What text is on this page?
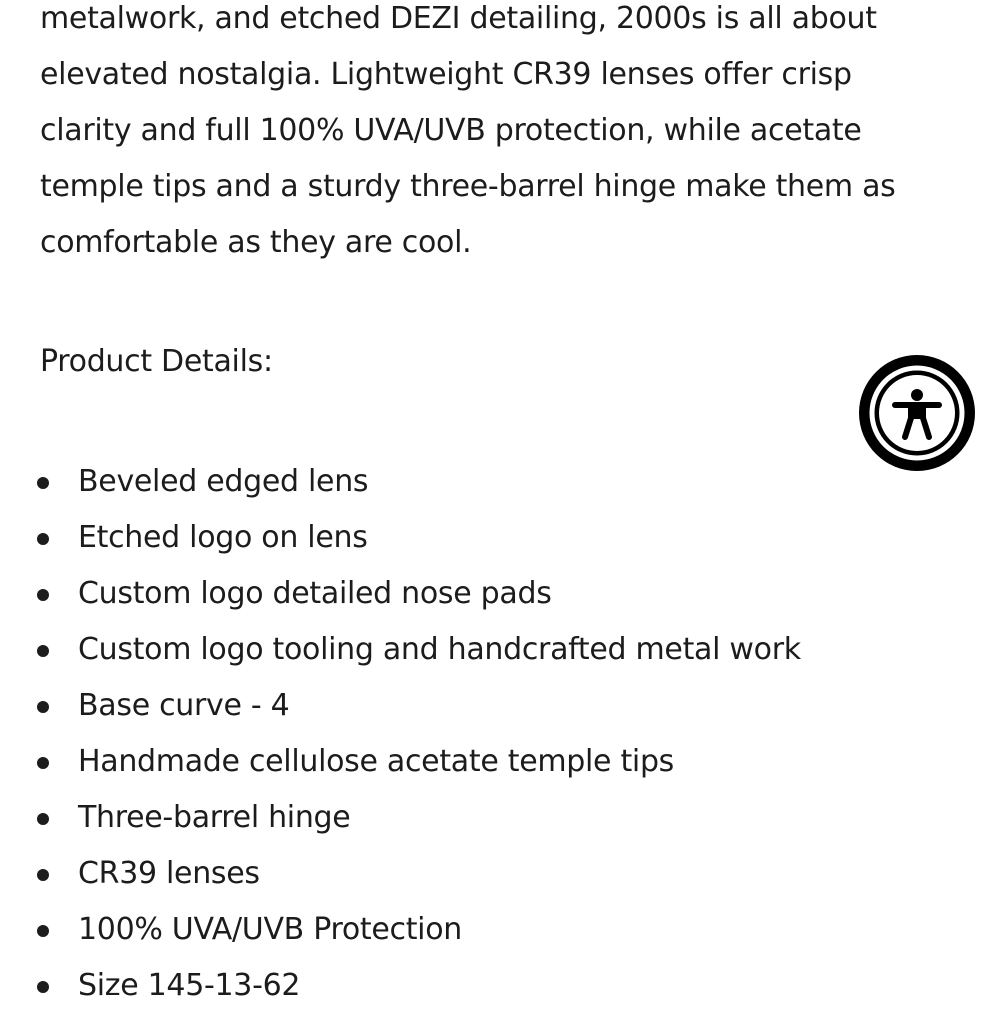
metalwork, and etched DEZI detailing, 2000s is all about
elevated nostalgia. Lightweight CR39 lenses offer crisp
clarity and full 100% UVA/UVB protection, while acetate
temple tips and a sturdy three-barrel hinge make them as
comfortable as they are cool.
Product Details:
Beveled edged lens
Etched logo on lens
Custom logo detailed nose pads
Custom logo tooling and handcrafted metal work
Base curve - 4
Handmade cellulose acetate temple tips
Three-barrel hinge
CR39 lenses
100% UVA/UVB Protection
Size 145-13-62
